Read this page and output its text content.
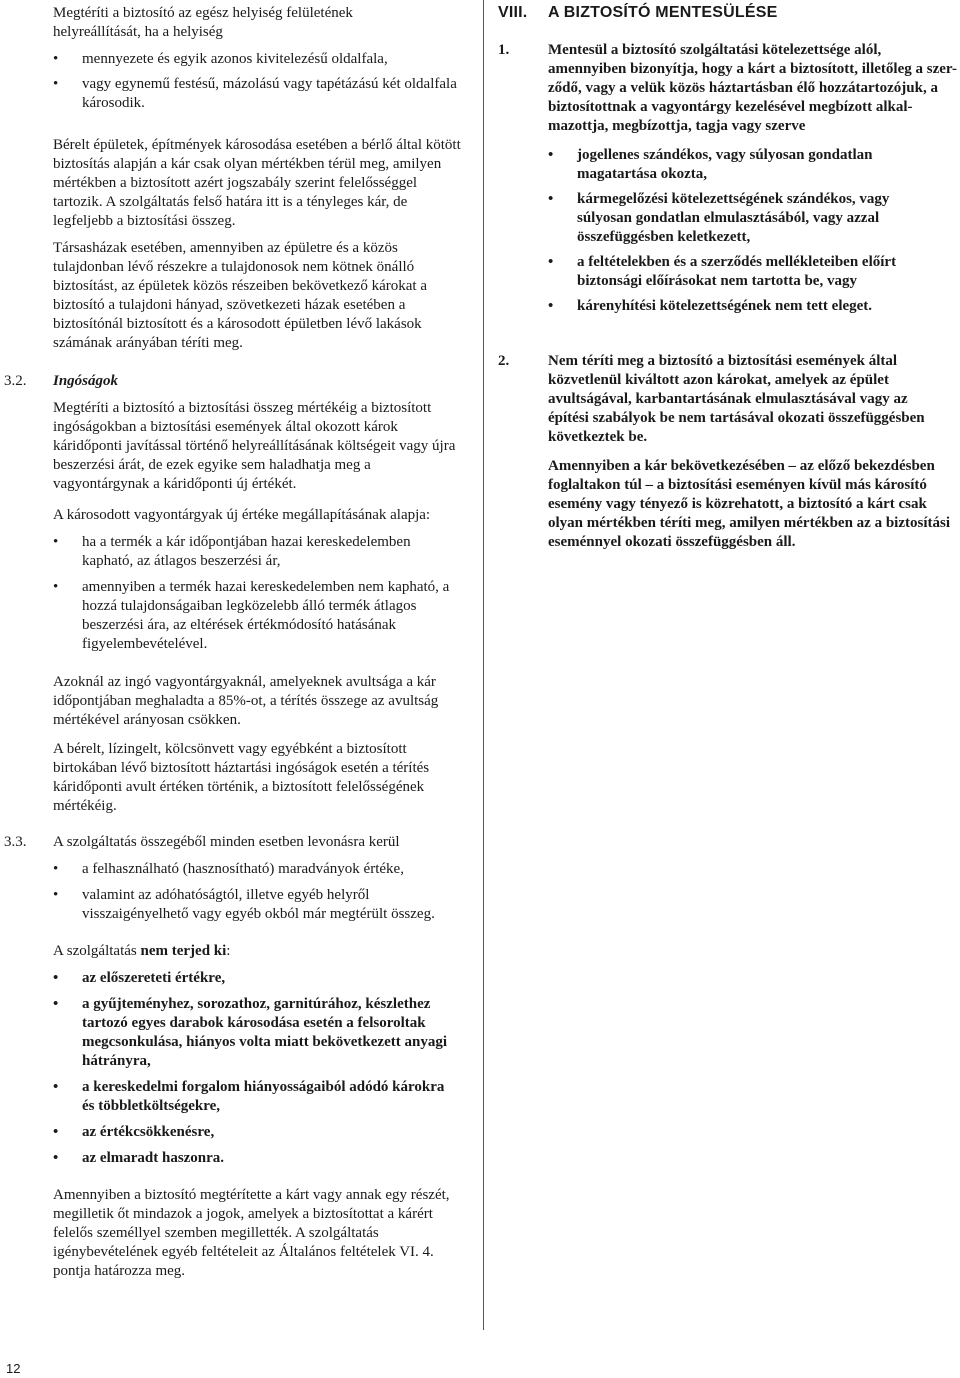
Megtéríti a biztosító az egész helyiség felületének helyreállítását, ha a helyiség

• mennyezete és egyik azonos kivitelezésű oldalfala,
• vagy egynemű festésű, mázolású vagy tapétázású két oldalfala károsodik.

Bérelt épületek, építmények károsodása esetében a bérlő által kötött biztosítás alapján a kár csak olyan mértékben térül meg, amilyen mértékben a biztosított azért jogszabály szerint felelősséggel tartozik. A szolgáltatás felső határa itt is a tényleges kár, de legfeljebb a biztosítási összeg.

Társasházak esetében, amennyiben az épületre és a közös tulajdonban lévő részekre a tulajdonosok nem kötnek önálló biztosítást, az épületek közös részeiben bekövetkező károkat a biztosító a tulajdoni hányad, szövetkezeti házak esetében a biztosítónál biztosított és a károsodott épületben lévő lakások számának arányában téríti meg.

3.2. Ingóságok

Megtéríti a biztosító a biztosítási összeg mértékéig a biztosított ingóságokban a biztosítási események által okozott károk káridőponti javítással történő helyreállításának költségeit vagy újra beszerzési árát, de ezek egyike sem haladhatja meg a vagyontárgynak a káridőponti új értékét.

A károsodott vagyontárgyak új értéke megállapításának alapja:

• ha a termék a kár időpontjában hazai kereskedelemben kapható, az átlagos beszerzési ár,
• amennyiben a termék hazai kereskedelemben nem kapható, a hozzá tulajdonságaiban legközelebb álló termék átlagos beszerzési ára, az eltérések értékmódosító hatásának figyelembevételével.

Azoknál az ingó vagyontárgyaknál, amelyeknek avultsága a kár időpontjában meghaladta a 85%-ot, a térítés összege az avultság mértékével arányosan csökken.

A bérelt, lízingelt, kölcsönvett vagy egyébként a biztosított birtokában lévő biztosított háztartási ingóságok esetén a térítés káridőponti avult értéken történik, a biztosított felelősségének mértékéig.

3.3. A szolgáltatás összegéből minden esetben levonásra kerül

• a felhasználható (hasznosítható) maradványok értéke,
• valamint az adóhatóságtól, illetve egyéb helyről visszaigényelhető vagy egyéb okból már megtérült összeg.

A szolgáltatás nem terjed ki:

• az előszereteti értékre,
• a gyűjteményhez, sorozathoz, garnitúrához, készlethez tartozó egyes darabok károsodása esetén a felsoroltak megcsonkulása, hiányos volta miatt bekövetkezett anyagi hátrányra,
• a kereskedelmi forgalom hiányosságaiból adódó károkra és többletköltségekre,
• az értékcsökkenésre,
• az elmaradt haszonra.

Amennyiben a biztosító megtérítette a kárt vagy annak egy részét, megilletik őt mindazok a jogok, amelyek a biztosítottat a kárért felelős személlyel szemben megillették. A szolgáltatás igénybevételének egyéb feltételeit az Általános feltételek VI. 4. pontja határozza meg.

VIII. A BIZTOSÍTÓ MENTESÜLÉSE
1.	Mentesül a biztosító szolgáltatási kötelezettsége alól, amennyiben bizonyítja, hogy a kárt a biztosított, illetőleg a szer-ződő, vagy a velük közös háztartásban élő hozzátartozójuk, a biztosítottnak a vagyontárgy kezelésével megbízott alkal-mazottja, megbízottja, tagja vagy szerve

• jogellenes szándékos, vagy súlyosan gondatlan magatartása okozta,
• kármegelőzési kötelezettségének szándékos, vagy súlyosan gondatlan elmulasztásából, vagy azzal összefüggésben keletkezett,
• a feltételekben és a szerződés mellékleteiben előírt biztonsági előírásokat nem tartotta be, vagy
• kárenyhítési kötelezettségének nem tett eleget.
2.	Nem téríti meg a biztosító a biztosítási események által közvetlenül kiváltott azon károkat, amelyek az épület avultságával, karbantartásának elmulasztásával vagy az építési szabályok be nem tartásával okozati összefüggésben következtek be.

Amennyiben a kár bekövetkezésében – az előző bekezdésben foglaltakon túl – a biztosítási eseményen kívül más károsító esemény vagy tényező is közrehatott, a biztosító a kárt csak olyan mértékben téríti meg, amilyen mértékben az a biztosítási eseménnyel okozati összefüggésben áll.

12
